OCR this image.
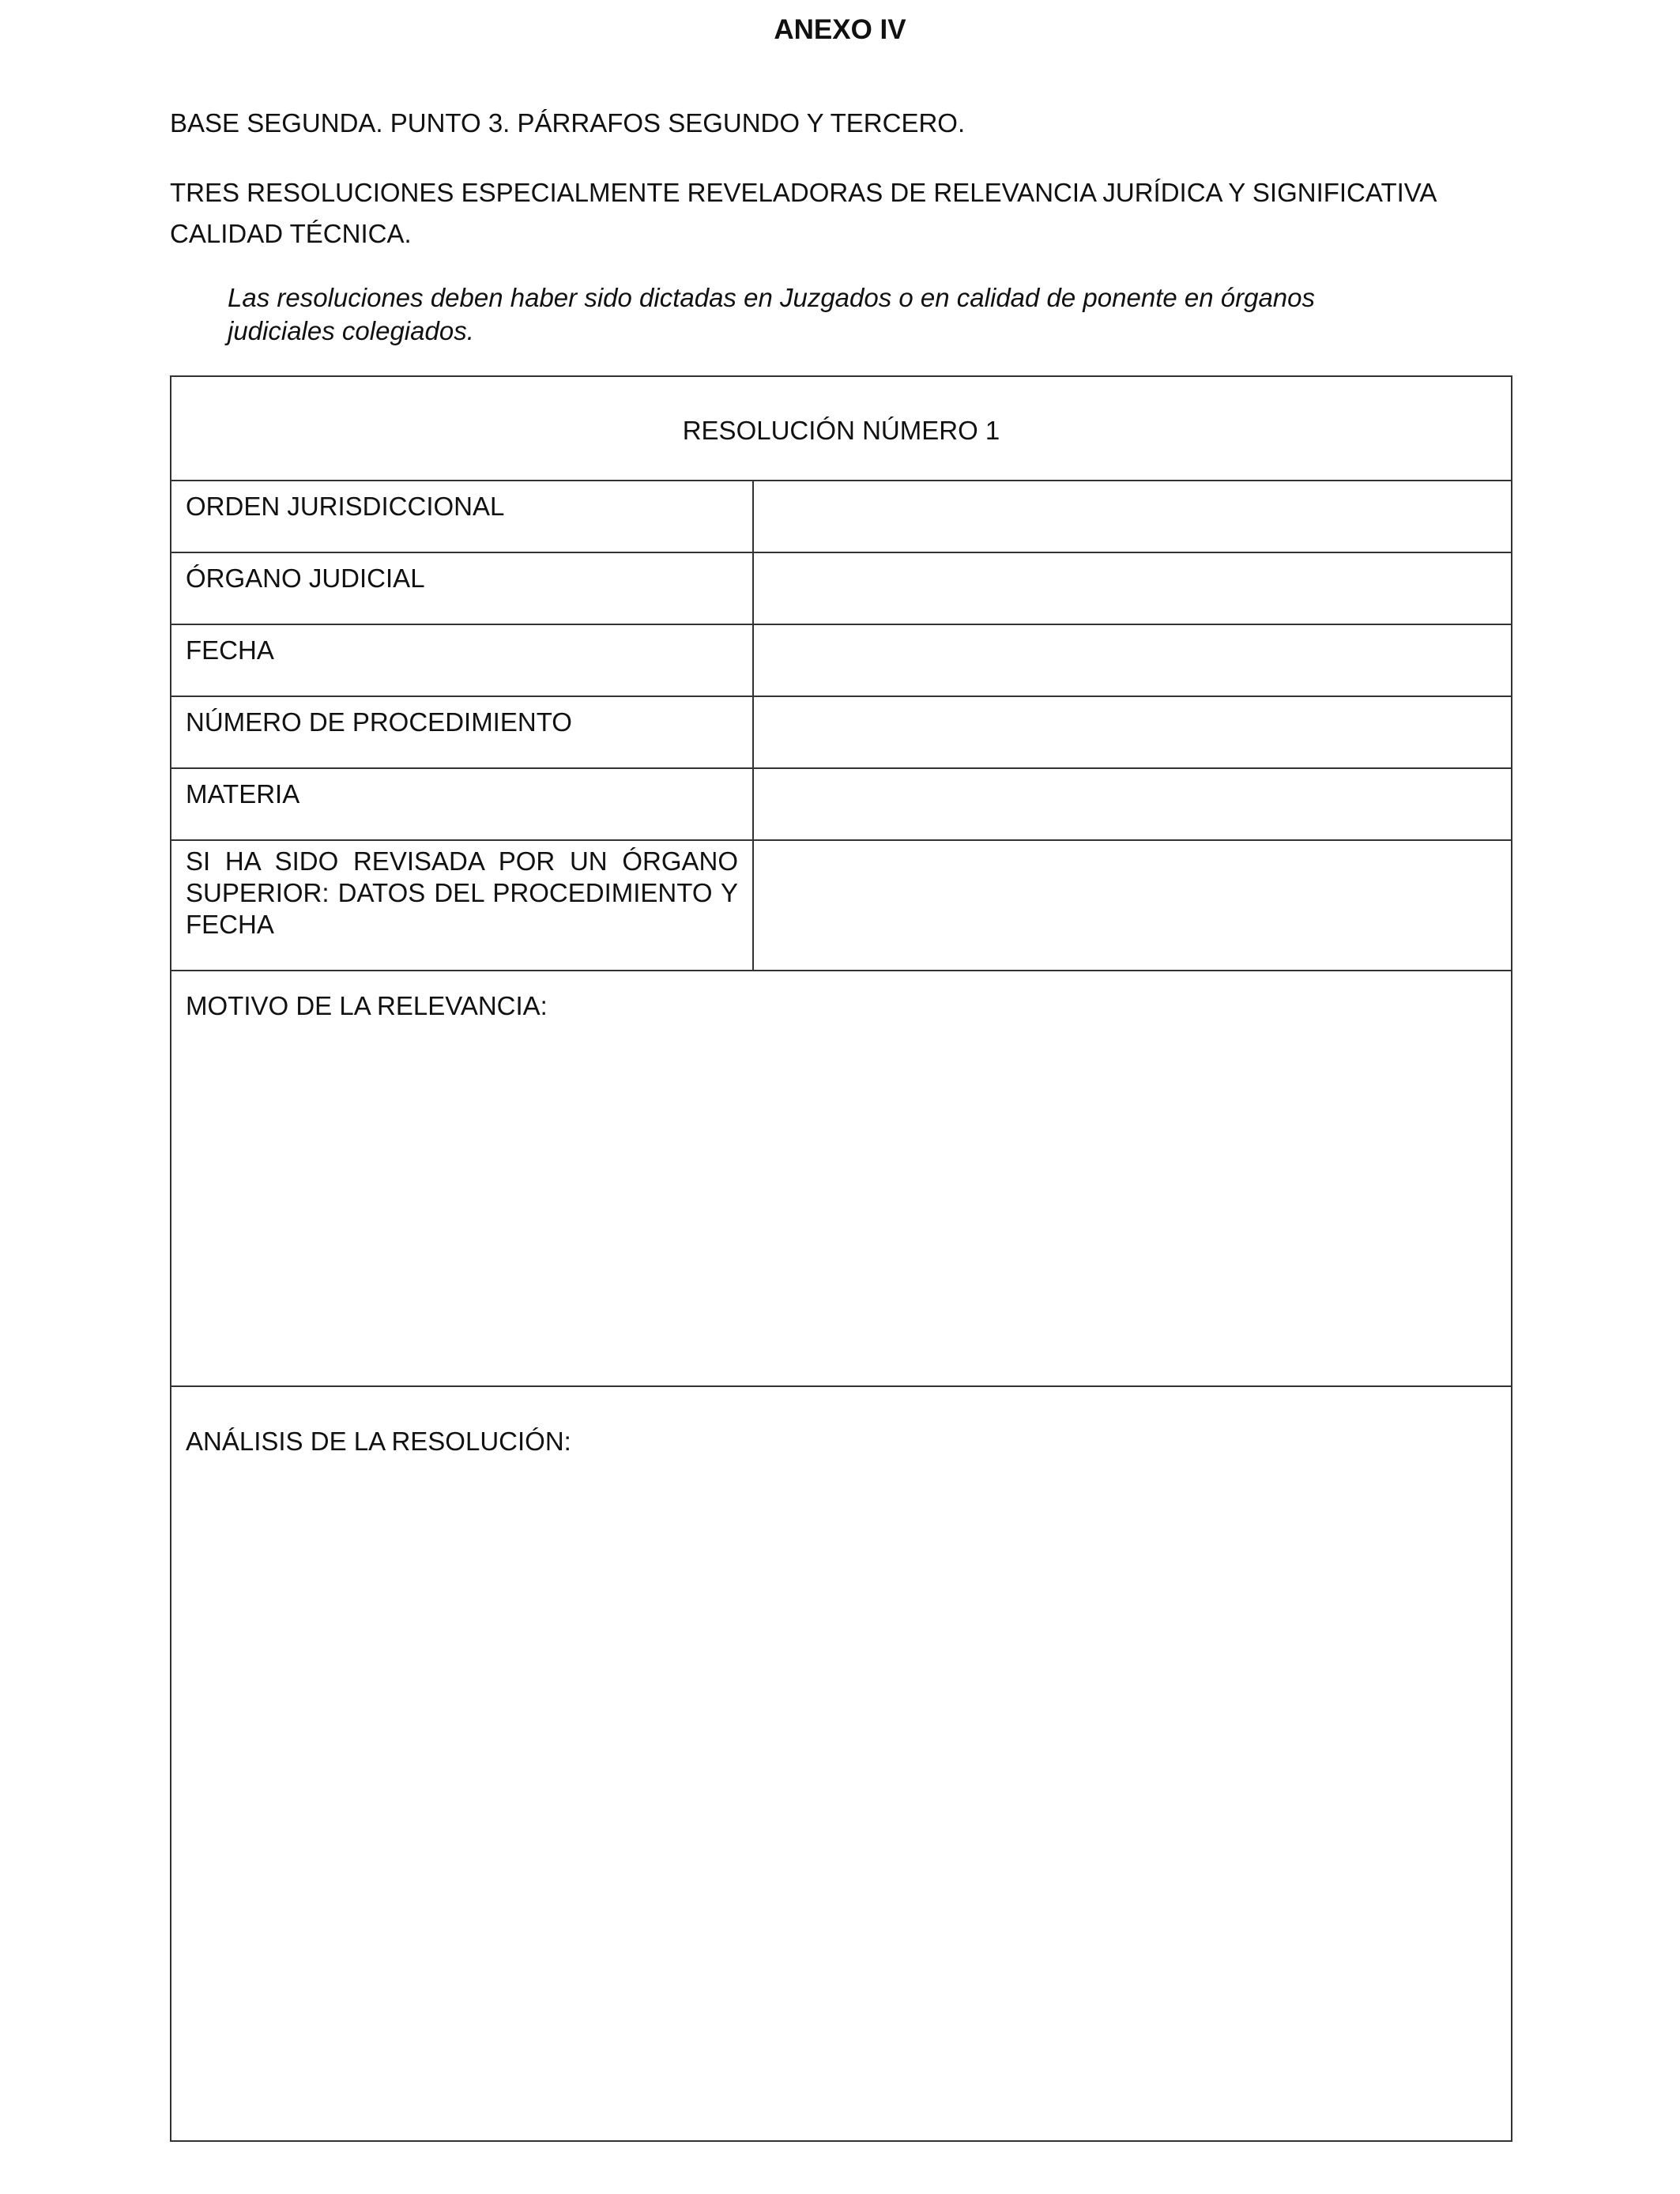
ANEXO IV
BASE SEGUNDA. PUNTO 3. PÁRRAFOS SEGUNDO Y TERCERO.
TRES RESOLUCIONES ESPECIALMENTE REVELADORAS DE RELEVANCIA JURÍDICA Y SIGNIFICATIVA
CALIDAD TÉCNICA.
Las resoluciones deben haber sido dictadas en Juzgados o en calidad de ponente en órganos
judiciales colegiados.
RESOLUCIÓN NÚMERO 1
ORDEN JURISDICCIONAL
ÓRGANO JUDICIAL
FECHA
NÚMERO DE PROCEDIMIENTO
MATERIA
SI HA SIDO REVISADA POR UN ÓRGANO SUPERIOR: DATOS DEL PROCEDIMIENTO Y FECHA
MOTIVO DE LA RELEVANCIA:
ANÁLISIS DE LA RESOLUCIÓN:
